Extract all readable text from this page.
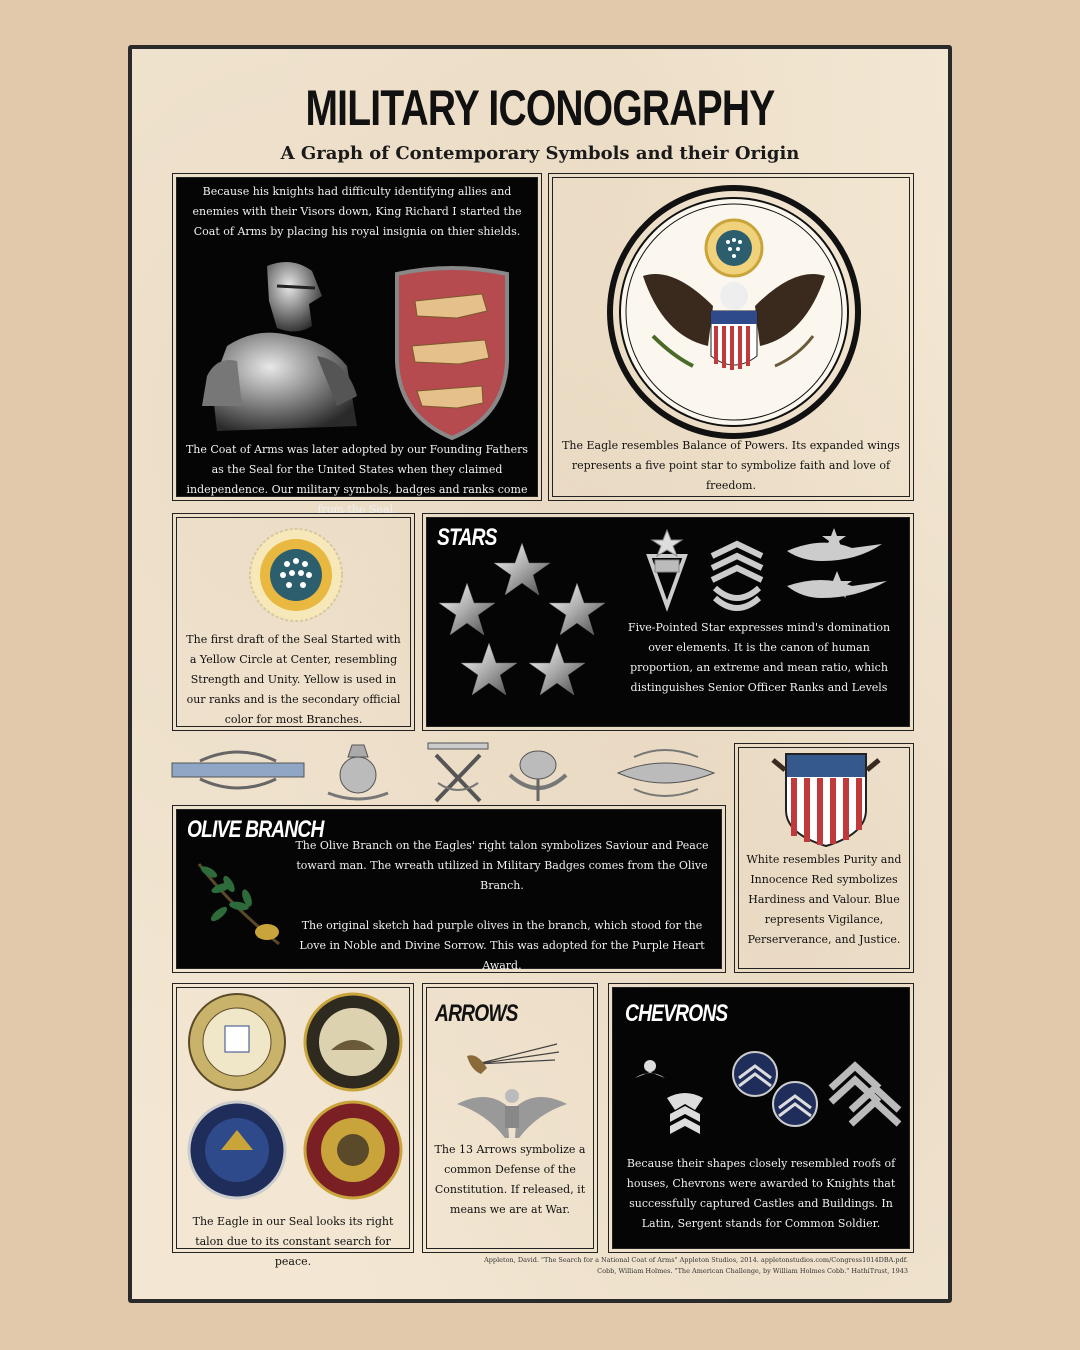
MILITARY ICONOGRAPHY
A Graph of Contemporary Symbols and their Origin
Because his knights had difficulty identifying allies and enemies with their Visors down, King Richard I started the Coat of Arms by placing his royal insignia on thier shields.
The Coat of Arms was later adopted by our Founding Fathers as the Seal for the United States when they claimed independence. Our military symbols, badges and ranks come from the Seal.
The Eagle resembles Balance of Powers. Its expanded wings represents a five point star to symbolize faith and love of freedom.
The first draft of the Seal Started with a Yellow Circle at Center, resembling Strength and Unity. Yellow is used in our ranks and is the secondary official color for most Branches.
STARS
Five-Pointed Star expresses mind's domination over elements. It is the canon of human proportion, an extreme and mean ratio, which distinguishes Senior Officer Ranks and Levels
OLIVE BRANCH
The Olive Branch on the Eagles' right talon symbolizes Saviour and Peace toward man. The wreath utilized in Military Badges comes from the Olive Branch.
The original sketch had purple olives in the branch, which stood for the Love in Noble and Divine Sorrow. This was adopted for the Purple Heart Award.
White resembles Purity and Innocence Red symbolizes Hardiness and Valour. Blue represents Vigilance, Perserverance, and Justice.
The Eagle in our Seal looks its right talon due to its constant search for peace.
ARROWS
The 13 Arrows symbolize a common Defense of the Constitution. If released, it means we are at War.
CHEVRONS
Because their shapes closely resembled roofs of houses, Chevrons were awarded to Knights that successfully captured Castles and Buildings. In Latin, Sergent stands for Common Soldier.
Appleton, David. "The Search for a National Coat of Arms" Appleton Studios, 2014. appletonstudios.com/Congress1014DBA.pdf.
Cobb, William Holmes. "The American Challenge, by William Holmes Cobb." HathiTrust, 1943
